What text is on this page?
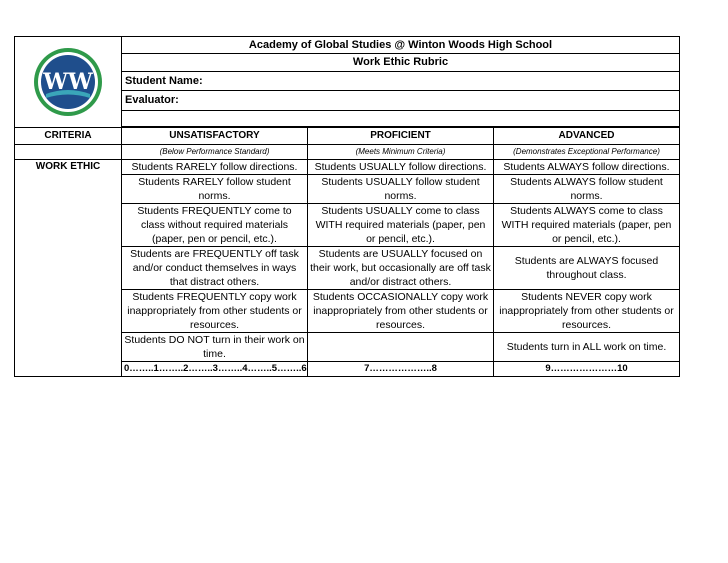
WW	Academy of Global Studies @ Winton Woods High School		
	Work Ethic Rubric		
	Student Name:		
	Evaluator:		

CRITERIA	UNSATISFACTORY	PROFICIENT	ADVANCED
	(Below Performance Standard)	(Meets Minimum Criteria)	(Demonstrates Exceptional Performance)
WORK ETHIC	Students RARELY follow directions.	Students USUALLY follow directions.	Students ALWAYS follow directions.
	Students RARELY follow student norms.	Students USUALLY follow student norms.	Students ALWAYS follow student norms.
	Students FREQUENTLY come to class without required materials (paper, pen or pencil, etc.).	Students USUALLY come to class WITH required materials (paper, pen or pencil, etc.).	Students ALWAYS come to class WITH required materials (paper, pen or pencil, etc.).
	Students are FREQUENTLY off task and/or conduct themselves in ways that distract others.	Students are USUALLY focused on their work, but occasionally are off task and/or distract others.	Students are ALWAYS focused throughout class.
	Students FREQUENTLY copy work inappropriately from other students or resources.	Students OCCASIONALLY copy work inappropriately from other students or resources.	Students NEVER copy work inappropriately from other students or resources.
	Students DO NOT turn in their work on time.		Students turn in ALL work on time.
	0……..1……..2……..3……..4……..5……..6	7………………..8	9…………………10
